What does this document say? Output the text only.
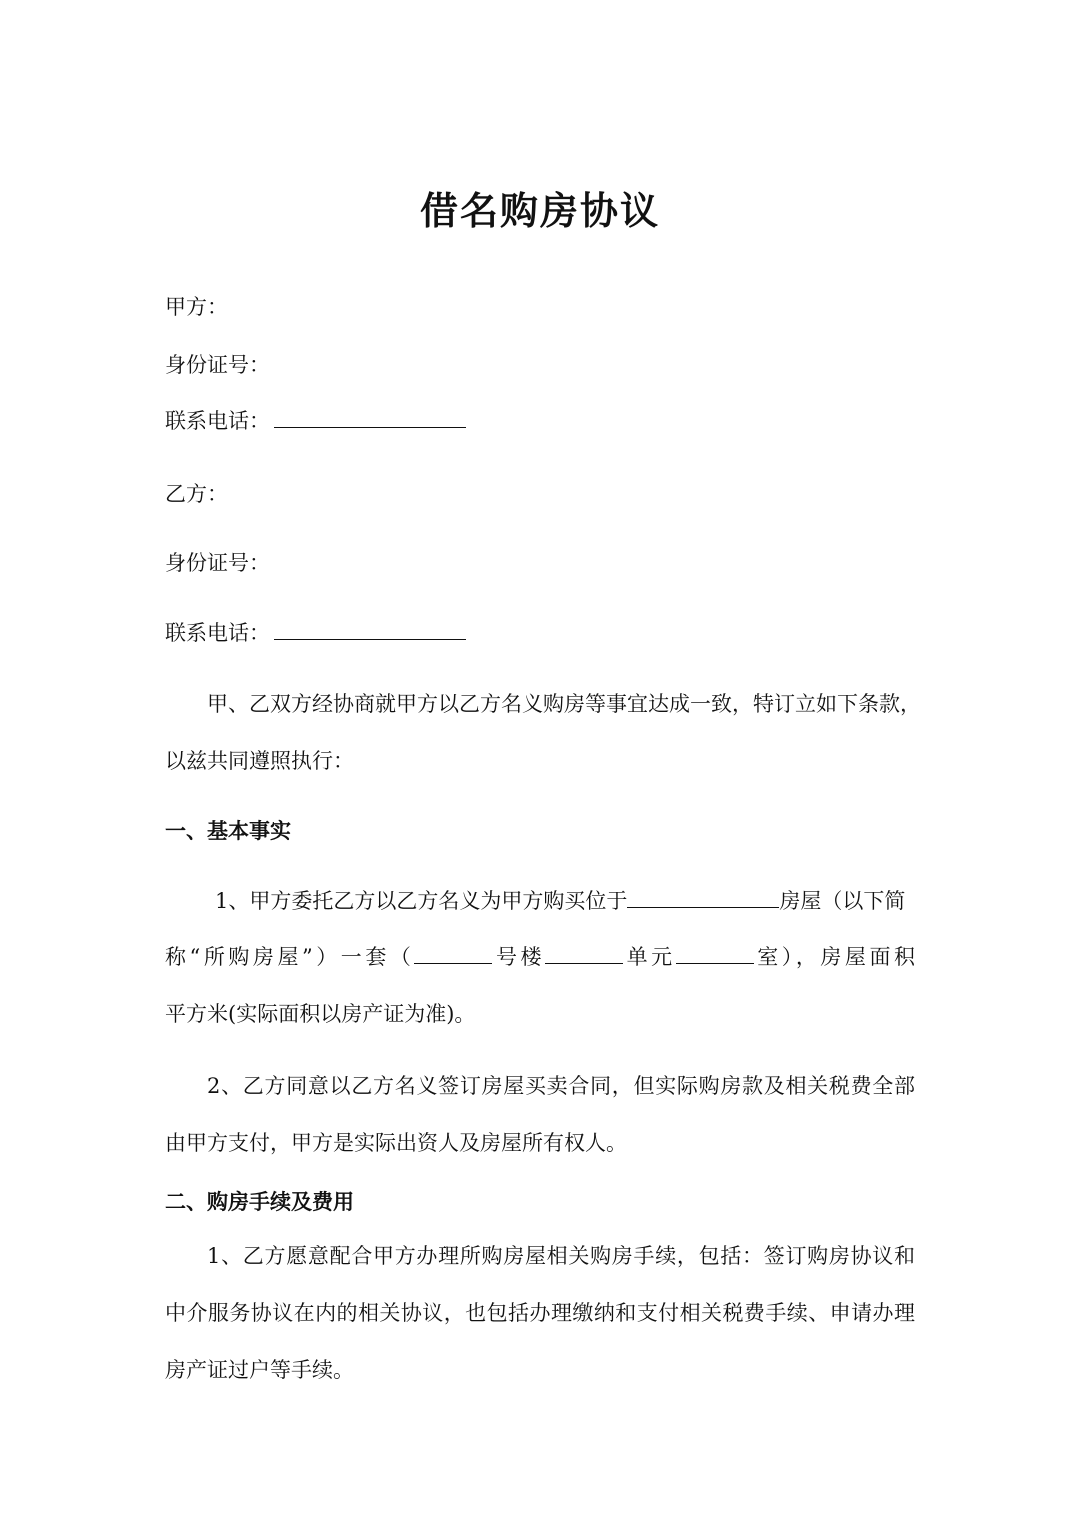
借名购房协议
甲方：
身份证号：
联系电话：
乙方：
身份证号：
联系电话：
甲、乙双方经协商就甲方以乙方名义购房等事宜达成一致，特订立如下条款，
以兹共同遵照执行：
一、基本事实
1、甲方委托乙方以乙方名义为甲方购买位于	房屋（以下简
称“所购房屋”）一套（	号楼	单元	室），房屋面积
平方米(实际面积以房产证为准)。
2、乙方同意以乙方名义签订房屋买卖合同，但实际购房款及相关税费全部
由甲方支付，甲方是实际出资人及房屋所有权人。
二、购房手续及费用
1、乙方愿意配合甲方办理所购房屋相关购房手续，包括：签订购房协议和
中介服务协议在内的相关协议，也包括办理缴纳和支付相关税费手续、申请办理
房产证过户等手续。
